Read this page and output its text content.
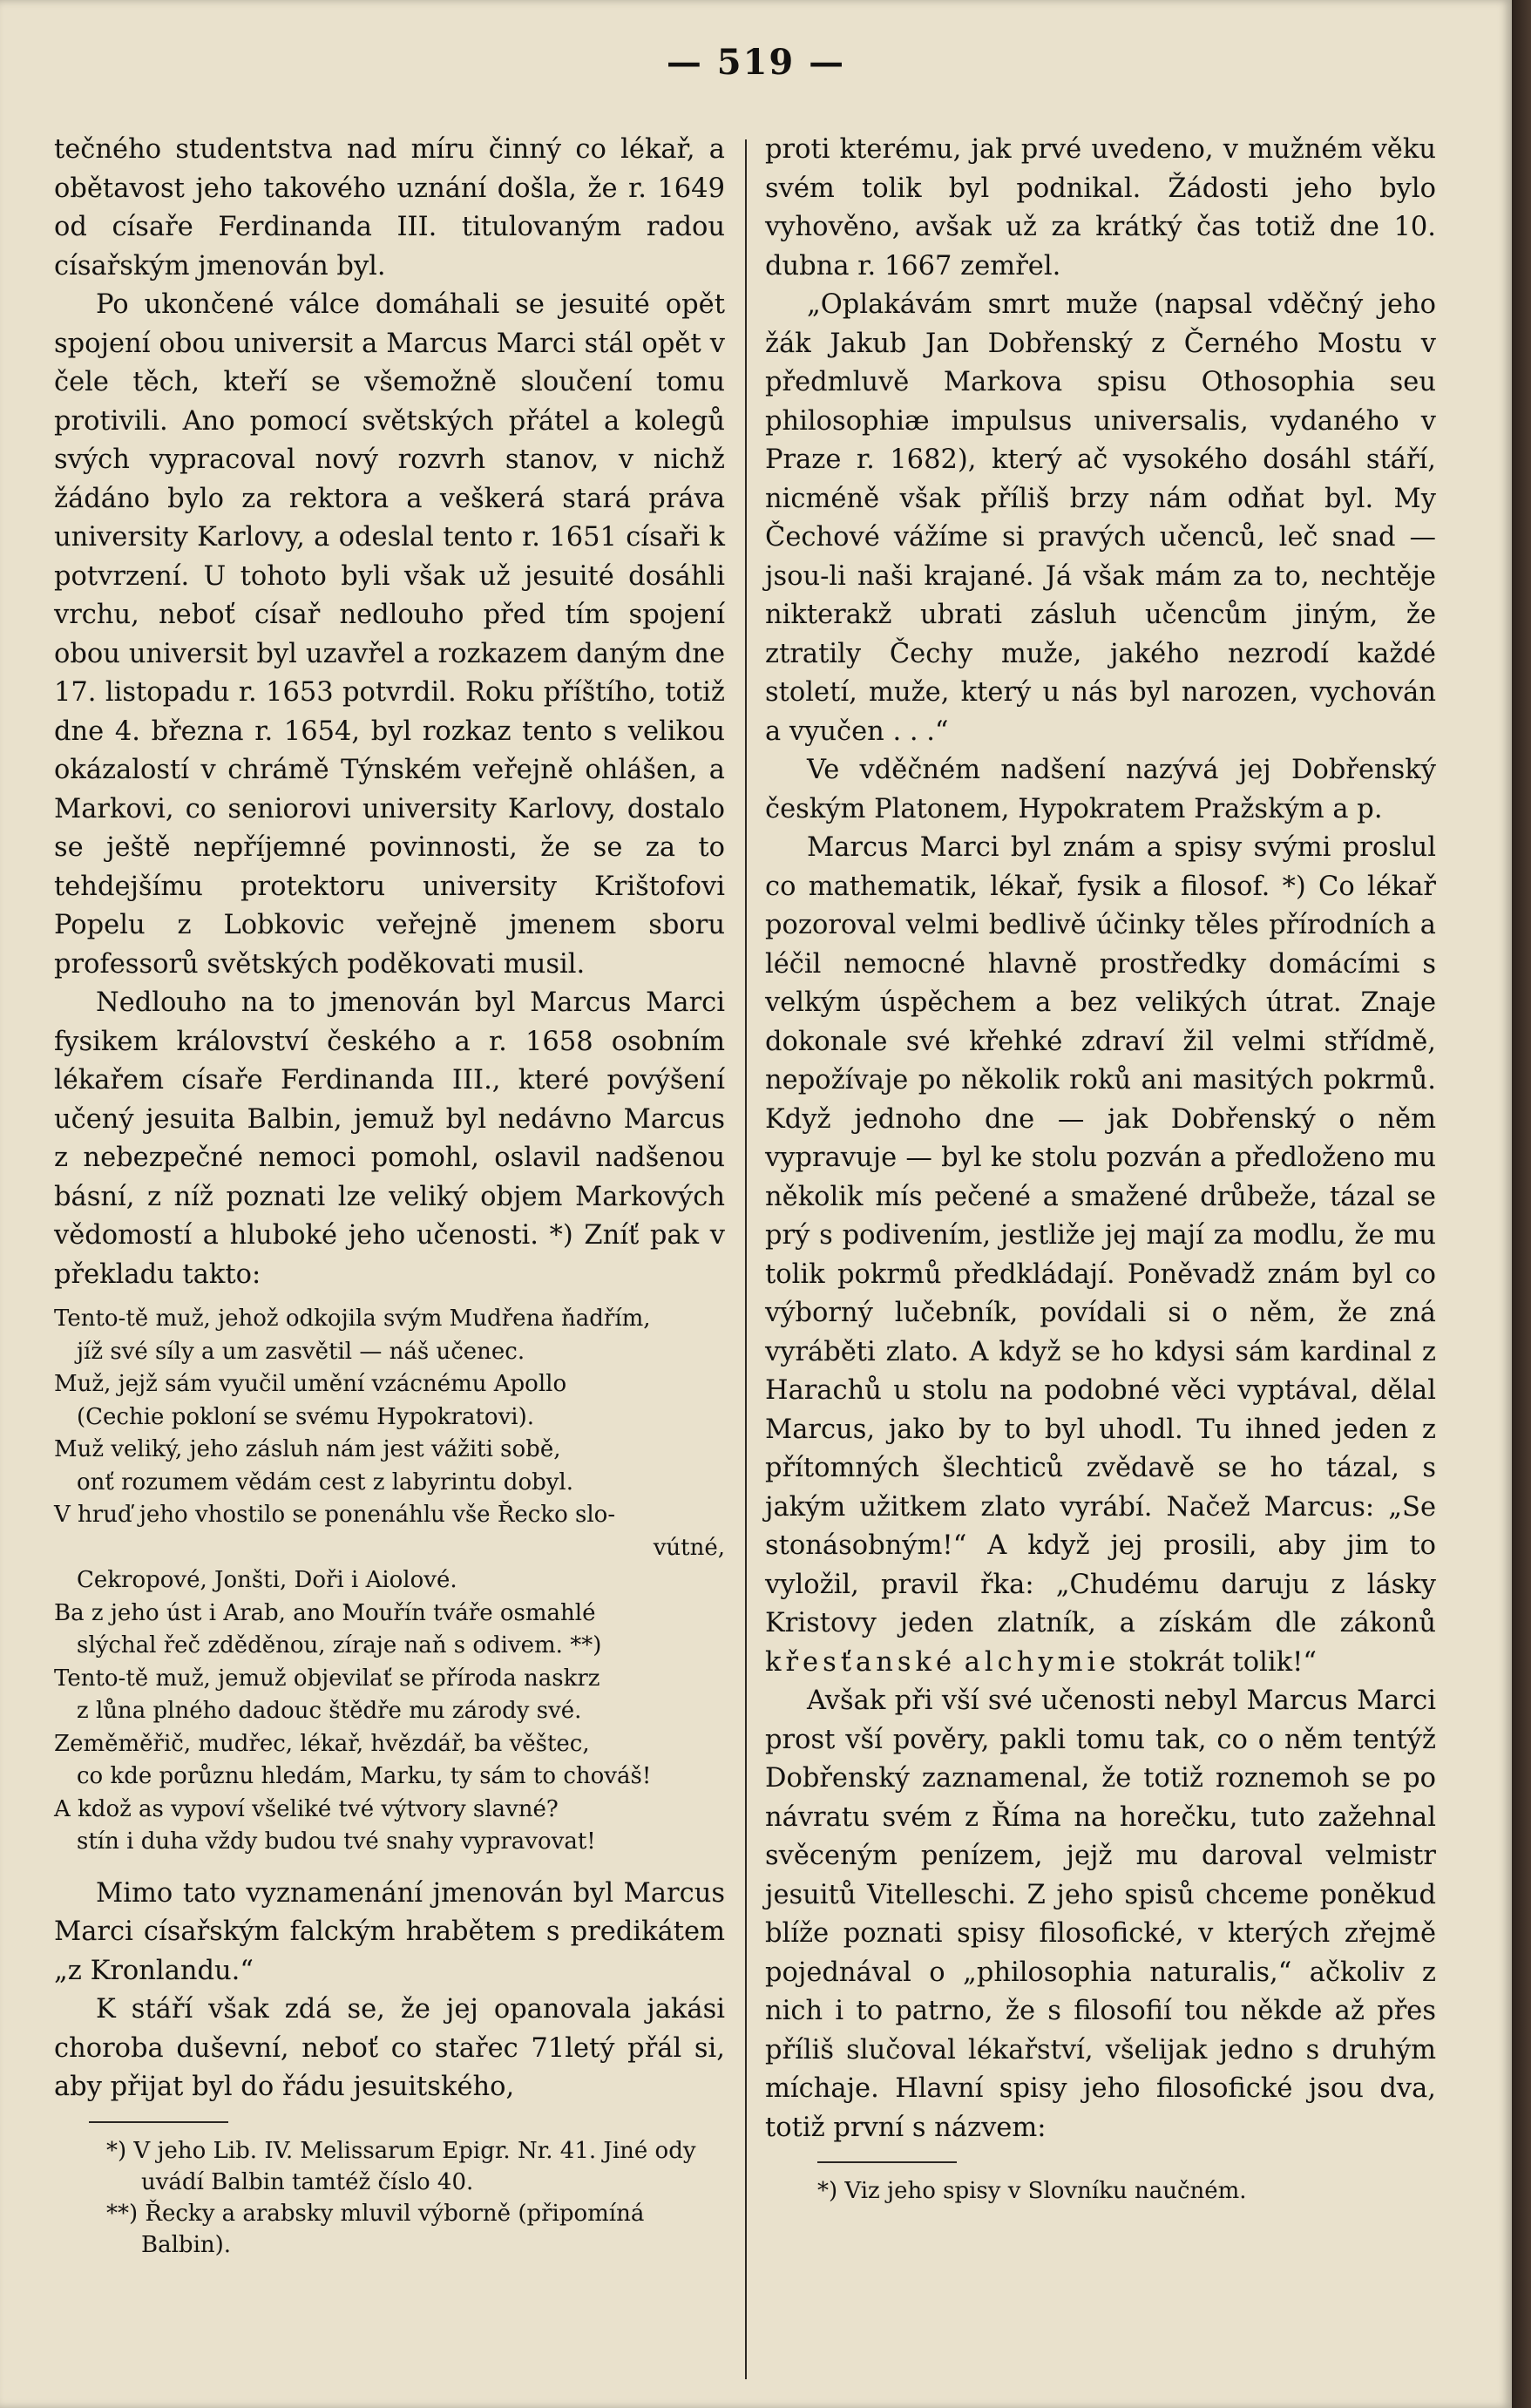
— 519 —

tečného studentstva nad míru činný co lékař, a obětavost jeho takového uznání došla, že r. 1649 od císaře Ferdinanda III. titulovaným radou císařským jmenován byl.

Po ukončené válce domáhali se jesuité opět spojení obou universit a Marcus Marci stál opět v čele těch, kteří se všemožně sloučení tomu protivili. Ano pomocí světských přátel a kolegů svých vypracoval nový rozvrh stanov, v nichž žádáno bylo za rektora a veškerá stará práva university Karlovy, a odeslal tento r. 1651 císaři k potvrzení. U tohoto byli však už jesuité dosáhli vrchu, neboť císař nedlouho před tím spojení obou universit byl uzavřel a rozkazem daným dne 17. listopadu r. 1653 potvrdil. Roku příštího, totiž dne 4. března r. 1654, byl rozkaz tento s velikou okázalostí v chrámě Týnském veřejně ohlášen, a Markovi, co seniorovi university Karlovy, dostalo se ještě nepříjemné povinnosti, že se za to tehdejšímu protektoru university Krištofovi Popelu z Lobkovic veřejně jmenem sboru professorů světských poděkovati musil.

Nedlouho na to jmenován byl Marcus Marci fysikem království českého a r. 1658 osobním lékařem císaře Ferdinanda III., které povýšení učený jesuita Balbin, jemuž byl nedávno Marcus z nebezpečné nemoci pomohl, oslavil nadšenou básní, z níž poznati lze veliký objem Markových vědomostí a hluboké jeho učenosti. *) Zníť pak v překladu takto:

Tento-tě muž, jehož odkojila svým Mudřena ňadřím,
jíž své síly a um zasvětil — náš učenec.
Muž, jejž sám vyučil umění vzácnému Apollo
(Cechie pokloní se svému Hypokratovi).
Muž veliký, jeho zásluh nám jest vážiti sobě,
onť rozumem vědám cest z labyrintu dobyl.
V hruď jeho vhostilo se ponenáhlu vše Řecko slo-
vútné,
Cekropové, Jonšti, Doři i Aiolové.
Ba z jeho úst i Arab, ano Mouřín tváře osmahlé
slýchal řeč zděděnou, zíraje naň s odivem. **)
Tento-tě muž, jemuž objevilať se příroda naskrz
z lůna plného dadouc štědře mu zárody své.
Zeměměřič, mudřec, lékař, hvězdář, ba věštec,
co kde porůznu hledám, Marku, ty sám to chováš!
A kdož as vypoví všeliké tvé výtvory slavné?
stín i duha vždy budou tvé snahy vypravovat!

Mimo tato vyznamenání jmenován byl Marcus Marci císařským falckým hrabětem s predikátem „z Kronlandu.“

K stáří však zdá se, že jej opanovala jakási choroba duševní, neboť co stařec 71letý přál si, aby přijat byl do řádu jesuitského,

*) V jeho Lib. IV. Melissarum Epigr. Nr. 41. Jiné ody uvádí Balbin tamtéž číslo 40.
**) Řecky a arabsky mluvil výborně (připomíná Balbin).

proti kterému, jak prvé uvedeno, v mužném věku svém tolik byl podnikal. Žádosti jeho bylo vyhověno, avšak už za krátký čas totiž dne 10. dubna r. 1667 zemřel.

„Oplakávám smrt muže (napsal vděčný jeho žák Jakub Jan Dobřenský z Černého Mostu v předmluvě Markova spisu Othosophia seu philosophiæ impulsus universalis, vydaného v Praze r. 1682), který ač vysokého dosáhl stáří, nicméně však příliš brzy nám odňat byl. My Čechové vážíme si pravých učenců, leč snad — jsou-li naši krajané. Já však mám za to, nechtěje nikterakž ubrati zásluh učencům jiným, že ztratily Čechy muže, jakého nezrodí každé století, muže, který u nás byl narozen, vychován a vyučen . . .“

Ve vděčném nadšení nazývá jej Dobřenský českým Platonem, Hypokratem Pražským a p.

Marcus Marci byl znám a spisy svými proslul co mathematik, lékař, fysik a filosof. *) Co lékař pozoroval velmi bedlivě účinky těles přírodních a léčil nemocné hlavně prostředky domácími s velkým úspěchem a bez velikých útrat. Znaje dokonale své křehké zdraví žil velmi střídmě, nepožívaje po několik roků ani masitých pokrmů. Když jednoho dne — jak Dobřenský o něm vypravuje — byl ke stolu pozván a předloženo mu několik mís pečené a smažené drůbeže, tázal se prý s podivením, jestliže jej mají za modlu, že mu tolik pokrmů předkládají. Poněvadž znám byl co výborný lučebník, povídali si o něm, že zná vyráběti zlato. A když se ho kdysi sám kardinal z Harachů u stolu na podobné věci vyptával, dělal Marcus, jako by to byl uhodl. Tu ihned jeden z přítomných šlechticů zvědavě se ho tázal, s jakým užitkem zlato vyrábí. Načež Marcus: „Se stonásobným!“ A když jej prosili, aby jim to vyložil, pravil řka: „Chudému daruju z lásky Kristovy jeden zlatník, a získám dle zákonů křesťanské alchymie stokrát tolik!“

Avšak při vší své učenosti nebyl Marcus Marci prost vší pověry, pakli tomu tak, co o něm tentýž Dobřenský zaznamenal, že totiž roznemoh se po návratu svém z Říma na horečku, tuto zažehnal svěceným penízem, jejž mu daroval velmistr jesuitů Vitelleschi. Z jeho spisů chceme poněkud blíže poznati spisy filosofické, v kterých zřejmě pojednával o „philosophia naturalis,“ ačkoliv z nich i to patrno, že s filosofií tou někde až přes příliš slučoval lékařství, všelijak jedno s druhým míchaje. Hlavní spisy jeho filosofické jsou dva, totiž první s názvem:

*) Viz jeho spisy v Slovníku naučném.
